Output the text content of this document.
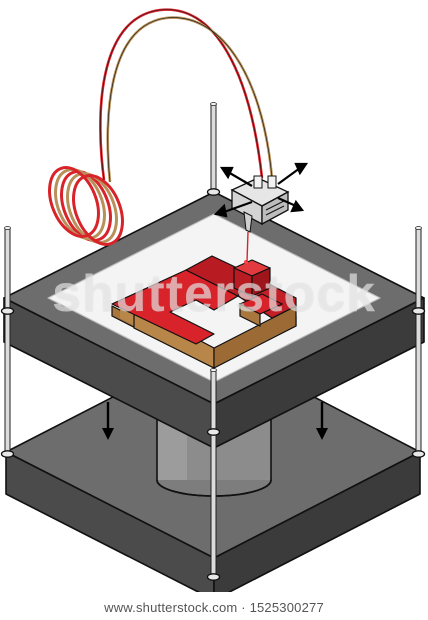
shutterstock
www.shutterstock.com · 1525300277
